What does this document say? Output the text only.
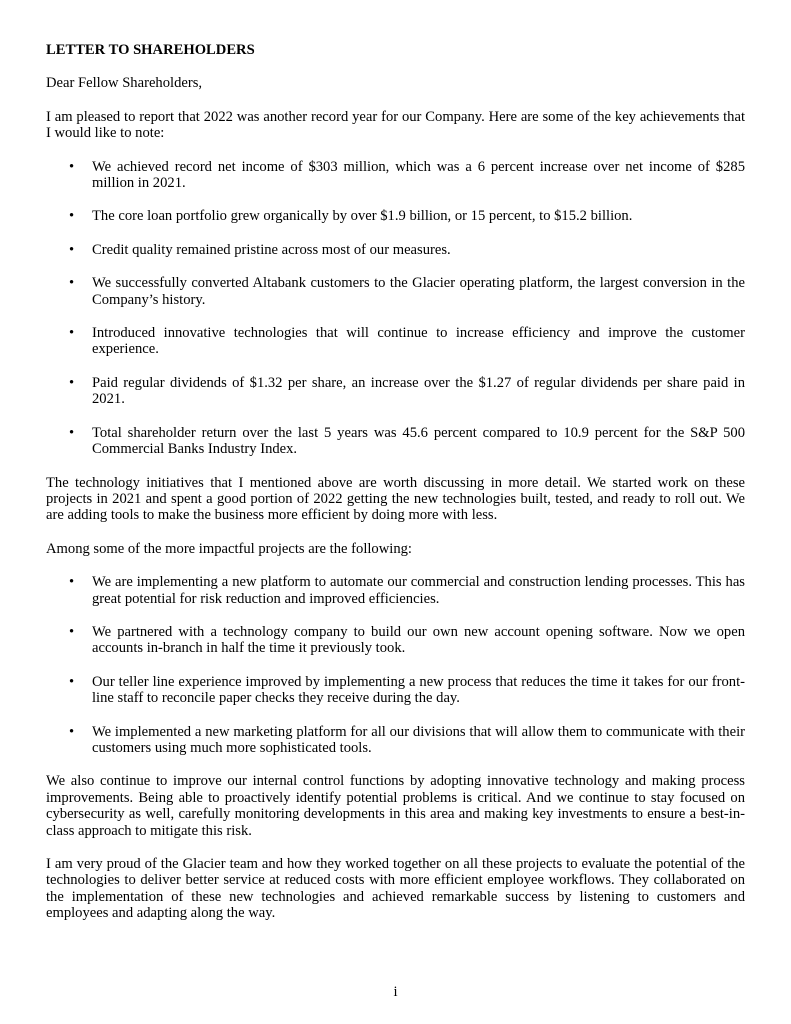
LETTER TO SHAREHOLDERS

Dear Fellow Shareholders,

I am pleased to report that 2022 was another record year for our Company. Here are some of the key achievements that I would like to note:

• We achieved record net income of $303 million, which was a 6 percent increase over net income of $285 million in 2021.
• The core loan portfolio grew organically by over $1.9 billion, or 15 percent, to $15.2 billion.
• Credit quality remained pristine across most of our measures.
• We successfully converted Altabank customers to the Glacier operating platform, the largest conversion in the Company’s history.
• Introduced innovative technologies that will continue to increase efficiency and improve the customer experience.
• Paid regular dividends of $1.32 per share, an increase over the $1.27 of regular dividends per share paid in 2021.
• Total shareholder return over the last 5 years was 45.6 percent compared to 10.9 percent for the S&P 500 Commercial Banks Industry Index.

The technology initiatives that I mentioned above are worth discussing in more detail. We started work on these projects in 2021 and spent a good portion of 2022 getting the new technologies built, tested, and ready to roll out. We are adding tools to make the business more efficient by doing more with less.

Among some of the more impactful projects are the following:

• We are implementing a new platform to automate our commercial and construction lending processes. This has great potential for risk reduction and improved efficiencies.
• We partnered with a technology company to build our own new account opening software. Now we open accounts in-branch in half the time it previously took.
• Our teller line experience improved by implementing a new process that reduces the time it takes for our front-line staff to reconcile paper checks they receive during the day.
• We implemented a new marketing platform for all our divisions that will allow them to communicate with their customers using much more sophisticated tools.

We also continue to improve our internal control functions by adopting innovative technology and making process improvements. Being able to proactively identify potential problems is critical. And we continue to stay focused on cybersecurity as well, carefully monitoring developments in this area and making key investments to ensure a best-in-class approach to mitigate this risk.

I am very proud of the Glacier team and how they worked together on all these projects to evaluate the potential of the technologies to deliver better service at reduced costs with more efficient employee workflows. They collaborated on the implementation of these new technologies and achieved remarkable success by listening to customers and employees and adapting along the way.

i
